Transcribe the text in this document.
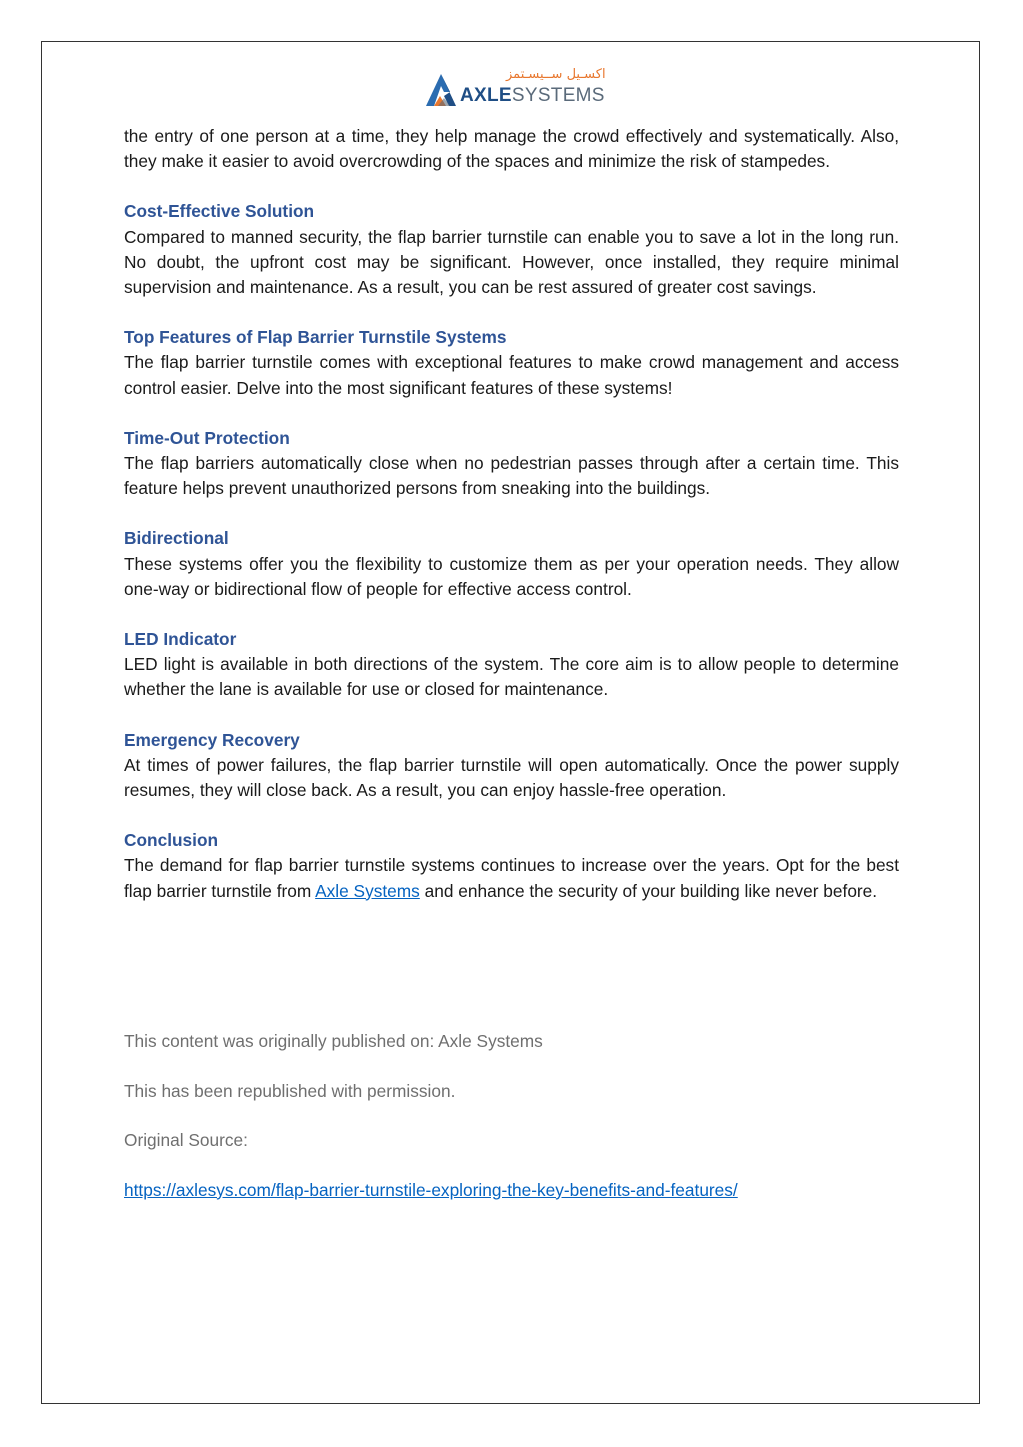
اكسـيل ســيسـتمز
AXLESYSTEMS

the entry of one person at a time, they help manage the crowd effectively and systematically. Also, they make it easier to avoid overcrowding of the spaces and minimize the risk of stampedes.

Cost-Effective Solution

Compared to manned security, the flap barrier turnstile can enable you to save a lot in the long run. No doubt, the upfront cost may be significant. However, once installed, they require minimal supervision and maintenance. As a result, you can be rest assured of greater cost savings.

Top Features of Flap Barrier Turnstile Systems

The flap barrier turnstile comes with exceptional features to make crowd management and access control easier. Delve into the most significant features of these systems!

Time-Out Protection

The flap barriers automatically close when no pedestrian passes through after a certain time. This feature helps prevent unauthorized persons from sneaking into the buildings.

Bidirectional

These systems offer you the flexibility to customize them as per your operation needs. They allow one-way or bidirectional flow of people for effective access control.

LED Indicator

LED light is available in both directions of the system. The core aim is to allow people to determine whether the lane is available for use or closed for maintenance.

Emergency Recovery

At times of power failures, the flap barrier turnstile will open automatically. Once the power supply resumes, they will close back. As a result, you can enjoy hassle-free operation.

Conclusion

The demand for flap barrier turnstile systems continues to increase over the years. Opt for the best flap barrier turnstile from Axle Systems and enhance the security of your building like never before.

This content was originally published on: Axle Systems

This has been republished with permission.

Original Source:

https://axlesys.com/flap-barrier-turnstile-exploring-the-key-benefits-and-features/
